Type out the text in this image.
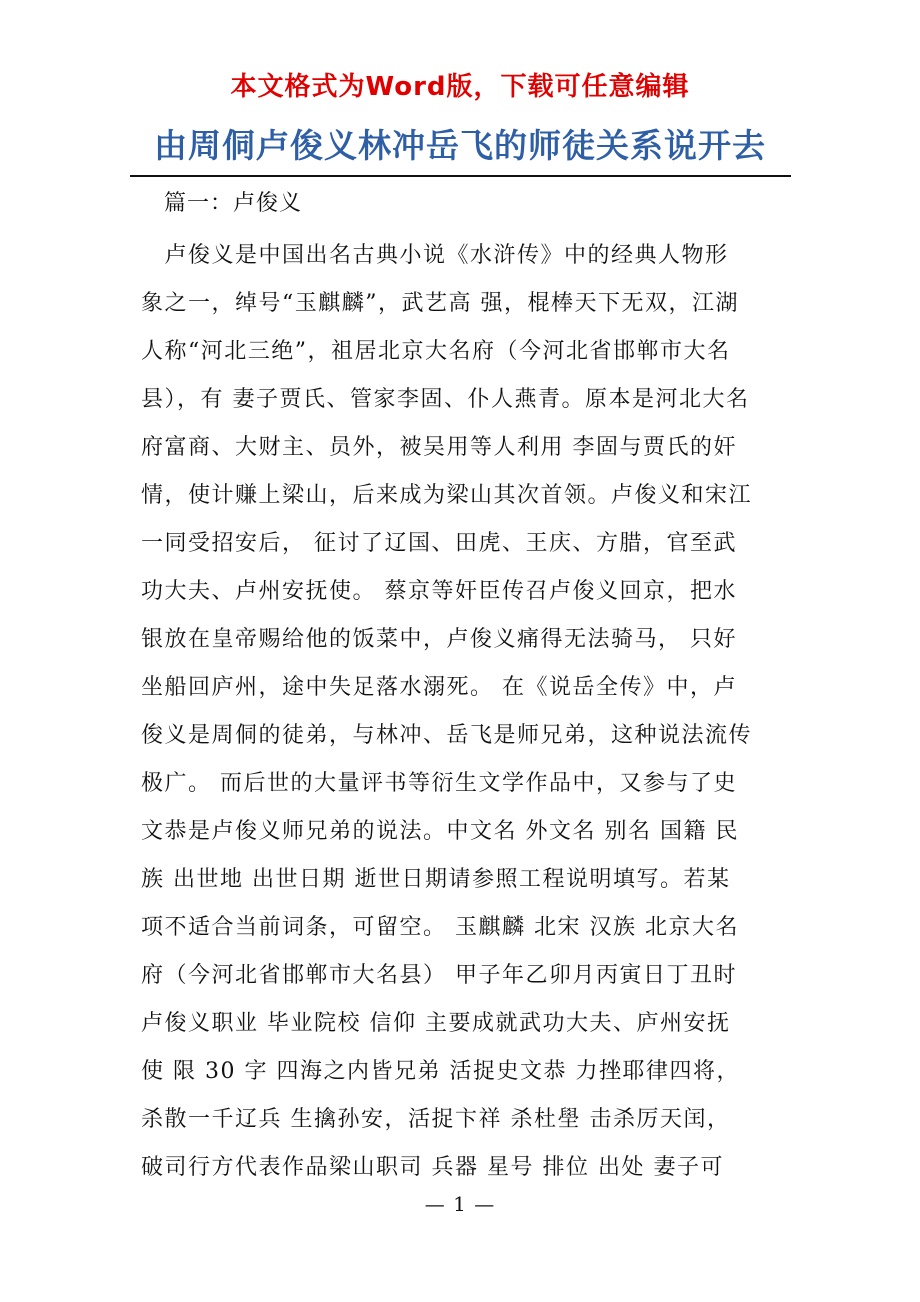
本文格式为Word版，下载可任意编辑
由周侗卢俊义林冲岳飞的师徒关系说开去
篇一：卢俊义
　卢俊义是中国出名古典小说《水浒传》中的经典人物形
象之一，绰号“玉麒麟”，武艺高 强，棍棒天下无双，江湖
人称“河北三绝”，祖居北京大名府（今河北省邯郸市大名
县），有 妻子贾氏、管家李固、仆人燕青。原本是河北大名
府富商、大财主、员外，被吴用等人利用 李固与贾氏的奸
情，使计赚上梁山，后来成为梁山其次首领。卢俊义和宋江
一同受招安后， 征讨了辽国、田虎、王庆、方腊，官至武
功大夫、卢州安抚使。 蔡京等奸臣传召卢俊义回京，把水
银放在皇帝赐给他的饭菜中，卢俊义痛得无法骑马， 只好
坐船回庐州，途中失足落水溺死。 在《说岳全传》中，卢
俊义是周侗的徒弟，与林冲、岳飞是师兄弟，这种说法流传
极广。 而后世的大量评书等衍生文学作品中，又参与了史
文恭是卢俊义师兄弟的说法。中文名 外文名 别名 国籍 民
族 出世地 出世日期 逝世日期请参照工程说明填写。若某
项不适合当前词条，可留空。 玉麒麟 北宋 汉族 北京大名
府（今河北省邯郸市大名县） 甲子年乙卯月丙寅日丁丑时
卢俊义职业 毕业院校 信仰 主要成就武功大夫、庐州安抚
使 限 30 字 四海之内皆兄弟 活捉史文恭 力挫耶律四将，
杀散一千辽兵 生擒孙安，活捉卞祥 杀杜壆 击杀厉天闰，
破司行方代表作品梁山职司 兵器 星号 排位 出处 妻子可
— 1 —
